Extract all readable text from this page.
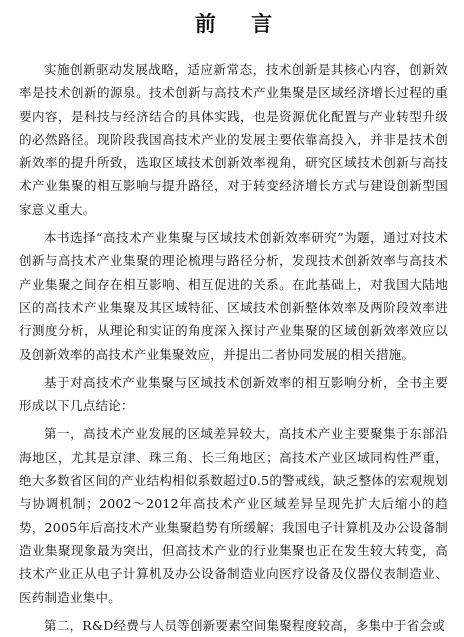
前 言

实施创新驱动发展战略，适应新常态，技术创新是其核心内容，创新效率是技术创新的源泉。技术创新与高技术产业集聚是区域经济增长过程的重要内容，是科技与经济结合的具体实践，也是资源优化配置与产业转型升级的必然路径。现阶段我国高技术产业的发展主要依靠高投入，并非是技术创新效率的提升所致，选取区域技术创新效率视角，研究区域技术创新与高技术产业集聚的相互影响与提升路径，对于转变经济增长方式与建设创新型国家意义重大。

本书选择“高技术产业集聚与区域技术创新效率研究”为题，通过对技术创新与高技术产业集聚的理论梳理与路径分析，发现技术创新效率与高技术产业集聚之间存在相互影响、相互促进的关系。在此基础上，对我国大陆地区的高技术产业集聚及其区域特征、区域技术创新整体效率及两阶段效率进行测度分析，从理论和实证的角度深入探讨产业集聚的区域创新效率效应以及创新效率的高技术产业集聚效应，并提出二者协同发展的相关措施。

基于对高技术产业集聚与区域技术创新效率的相互影响分析，全书主要形成以下几点结论：

第一，高技术产业发展的区域差异较大，高技术产业主要聚集于东部沿海地区，尤其是京津、珠三角、长三角地区；高技术产业区域同构性严重，绝大多数省区间的产业结构相似系数超过0.5的警戒线，缺乏整体的宏观规划与协调机制；2002～2012年高技术产业区域差异呈现先扩大后缩小的趋势，2005年后高技术产业集聚趋势有所缓解；我国电子计算机及办公设备制造业集聚现象最为突出，但高技术产业的行业集聚也正在发生较大转变，高技术产业正从电子计算机及办公设备制造业向医疗设备及仪器仪表制造业、医药制造业集中。

第二，R&D经费与人员等创新要素空间集聚程度较高，多集中于省会或
